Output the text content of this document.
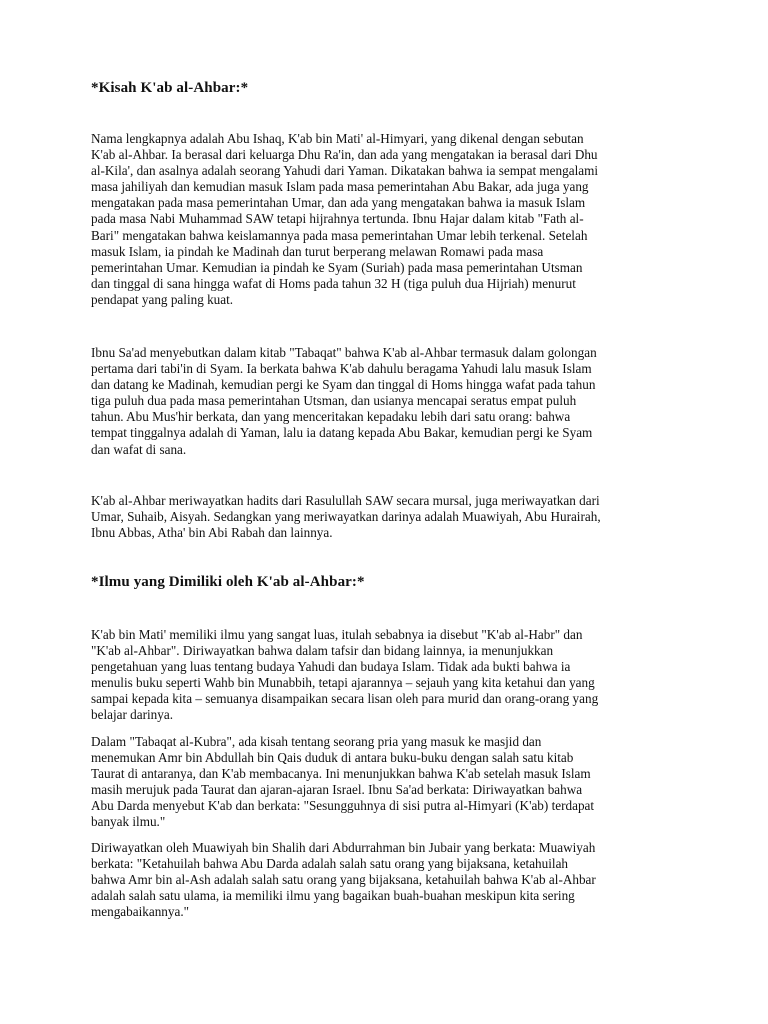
*Kisah K'ab al-Ahbar:*
Nama lengkapnya adalah Abu Ishaq, K'ab bin Mati' al-Himyari, yang dikenal dengan sebutan
K'ab al-Ahbar. Ia berasal dari keluarga Dhu Ra'in, dan ada yang mengatakan ia berasal dari Dhu
al-Kila', dan asalnya adalah seorang Yahudi dari Yaman. Dikatakan bahwa ia sempat mengalami
masa jahiliyah dan kemudian masuk Islam pada masa pemerintahan Abu Bakar, ada juga yang
mengatakan pada masa pemerintahan Umar, dan ada yang mengatakan bahwa ia masuk Islam
pada masa Nabi Muhammad SAW tetapi hijrahnya tertunda. Ibnu Hajar dalam kitab "Fath al-
Bari" mengatakan bahwa keislamannya pada masa pemerintahan Umar lebih terkenal. Setelah
masuk Islam, ia pindah ke Madinah dan turut berperang melawan Romawi pada masa
pemerintahan Umar. Kemudian ia pindah ke Syam (Suriah) pada masa pemerintahan Utsman
dan tinggal di sana hingga wafat di Homs pada tahun 32 H (tiga puluh dua Hijriah) menurut
pendapat yang paling kuat.
Ibnu Sa'ad menyebutkan dalam kitab "Tabaqat" bahwa K'ab al-Ahbar termasuk dalam golongan
pertama dari tabi'in di Syam. Ia berkata bahwa K'ab dahulu beragama Yahudi lalu masuk Islam
dan datang ke Madinah, kemudian pergi ke Syam dan tinggal di Homs hingga wafat pada tahun
tiga puluh dua pada masa pemerintahan Utsman, dan usianya mencapai seratus empat puluh
tahun. Abu Mus'hir berkata, dan yang menceritakan kepadaku lebih dari satu orang: bahwa
tempat tinggalnya adalah di Yaman, lalu ia datang kepada Abu Bakar, kemudian pergi ke Syam
dan wafat di sana.
K'ab al-Ahbar meriwayatkan hadits dari Rasulullah SAW secara mursal, juga meriwayatkan dari
Umar, Suhaib, Aisyah. Sedangkan yang meriwayatkan darinya adalah Muawiyah, Abu Hurairah,
Ibnu Abbas, Atha' bin Abi Rabah dan lainnya.
*Ilmu yang Dimiliki oleh K'ab al-Ahbar:*
K'ab bin Mati' memiliki ilmu yang sangat luas, itulah sebabnya ia disebut "K'ab al-Habr" dan
"K'ab al-Ahbar". Diriwayatkan bahwa dalam tafsir dan bidang lainnya, ia menunjukkan
pengetahuan yang luas tentang budaya Yahudi dan budaya Islam. Tidak ada bukti bahwa ia
menulis buku seperti Wahb bin Munabbih, tetapi ajarannya – sejauh yang kita ketahui dan yang
sampai kepada kita – semuanya disampaikan secara lisan oleh para murid dan orang-orang yang
belajar darinya.
Dalam "Tabaqat al-Kubra", ada kisah tentang seorang pria yang masuk ke masjid dan
menemukan Amr bin Abdullah bin Qais duduk di antara buku-buku dengan salah satu kitab
Taurat di antaranya, dan K'ab membacanya. Ini menunjukkan bahwa K'ab setelah masuk Islam
masih merujuk pada Taurat dan ajaran-ajaran Israel. Ibnu Sa'ad berkata: Diriwayatkan bahwa
Abu Darda menyebut K'ab dan berkata: "Sesungguhnya di sisi putra al-Himyari (K'ab) terdapat
banyak ilmu."
Diriwayatkan oleh Muawiyah bin Shalih dari Abdurrahman bin Jubair yang berkata: Muawiyah
berkata: "Ketahuilah bahwa Abu Darda adalah salah satu orang yang bijaksana, ketahuilah
bahwa Amr bin al-Ash adalah salah satu orang yang bijaksana, ketahuilah bahwa K'ab al-Ahbar
adalah salah satu ulama, ia memiliki ilmu yang bagaikan buah-buahan meskipun kita sering
mengabaikannya."
